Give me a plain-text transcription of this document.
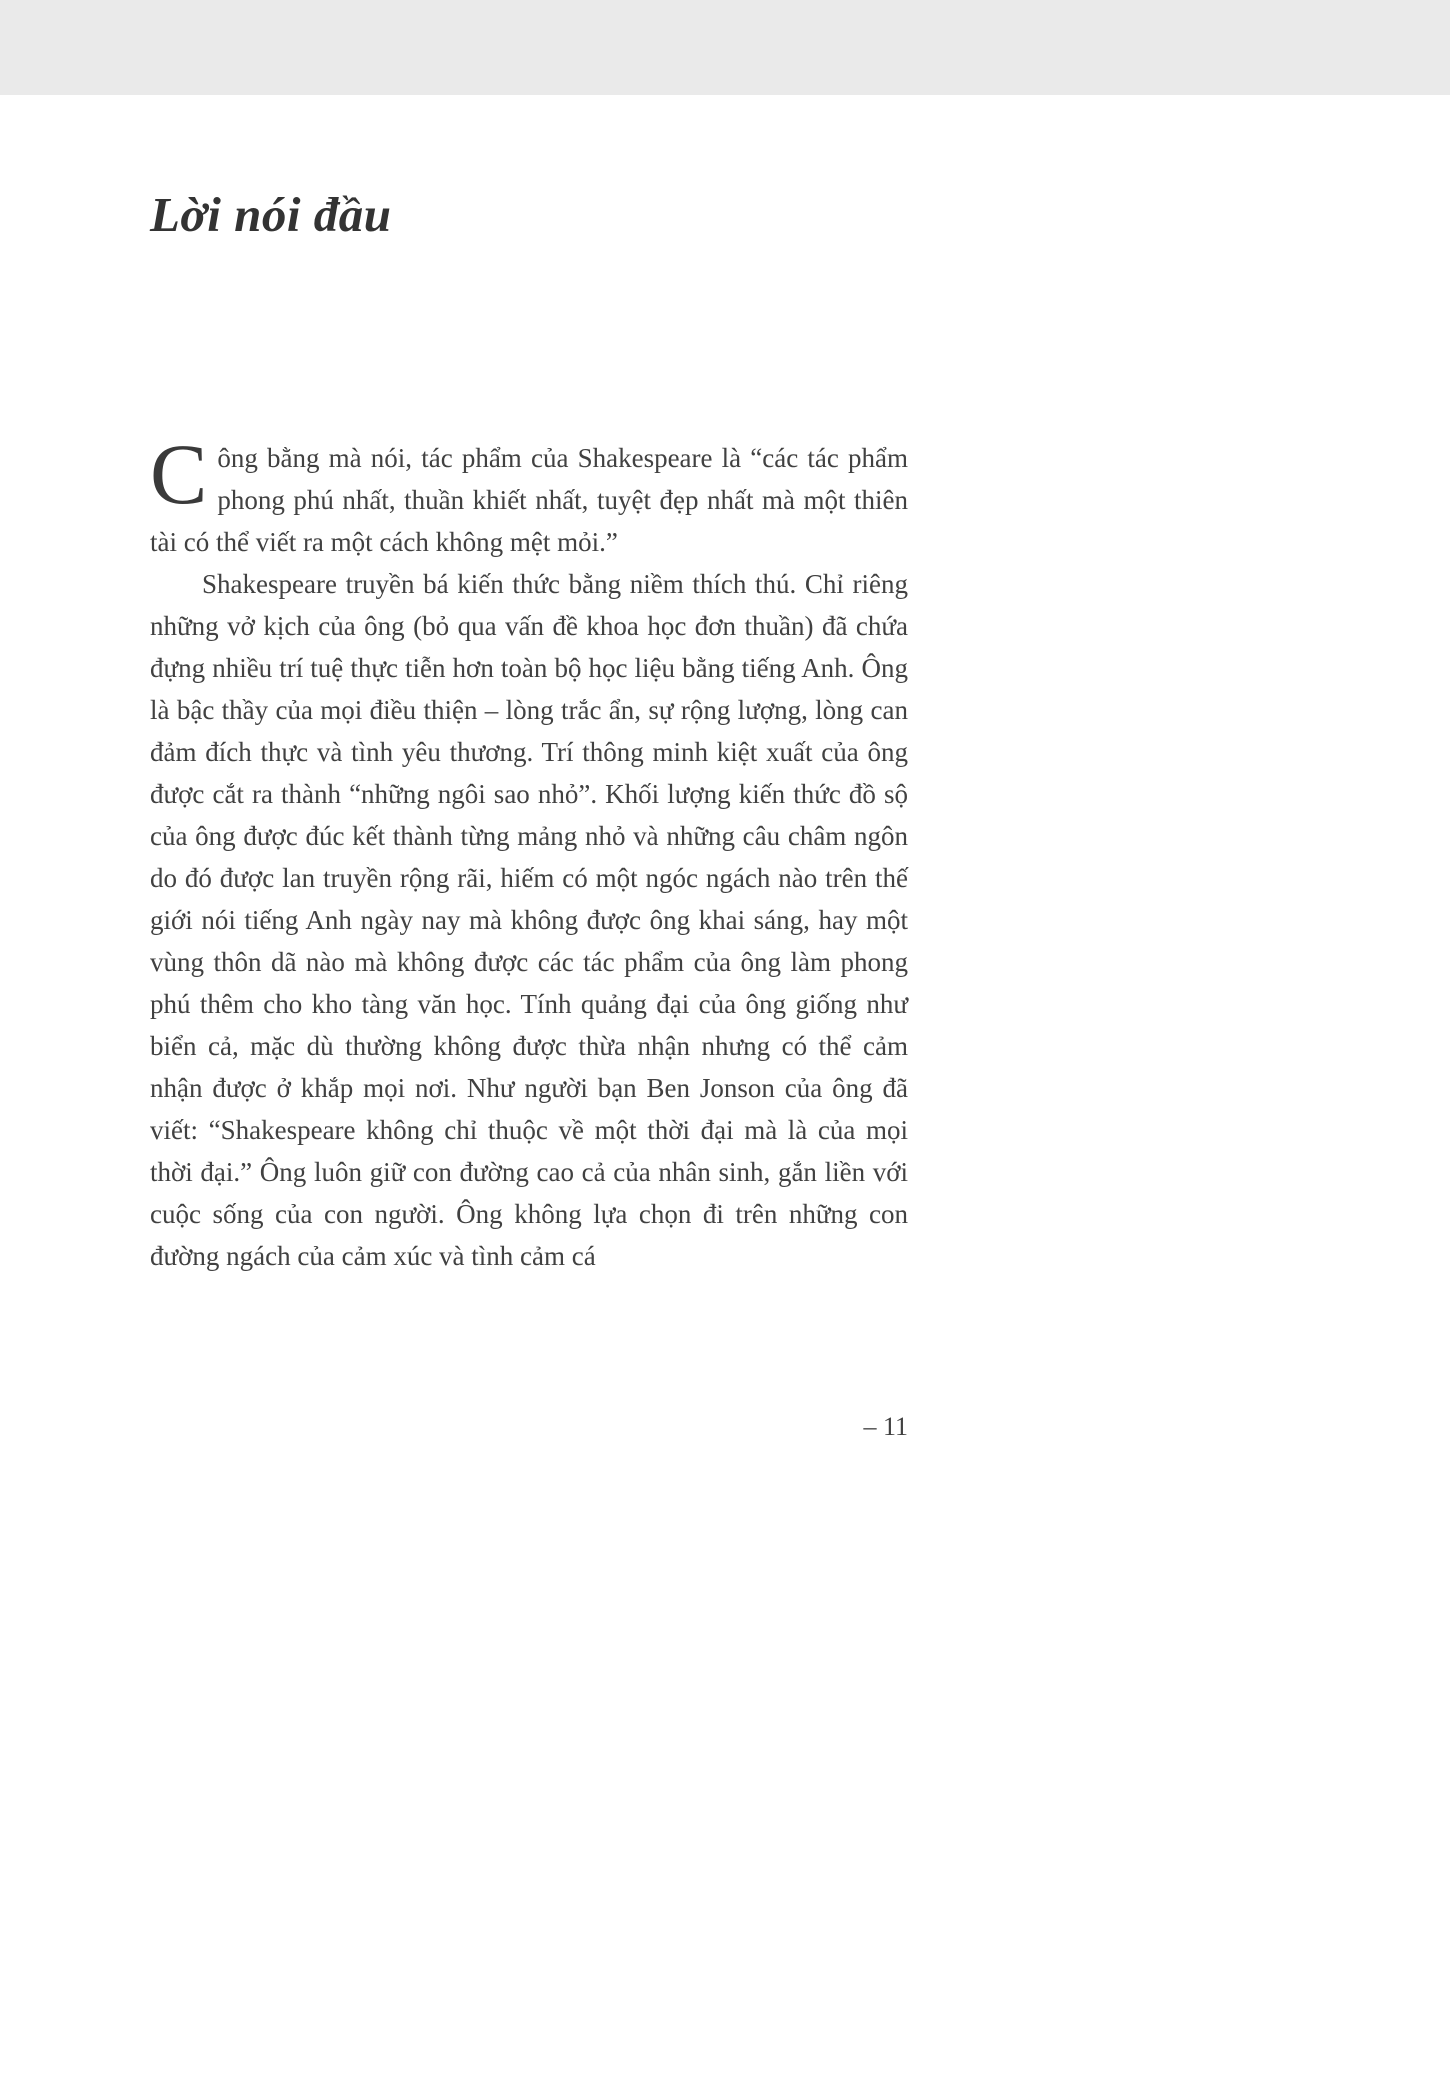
Lời nói đầu

Công bằng mà nói, tác phẩm của Shakespeare là “các tác phẩm phong phú nhất, thuần khiết nhất, tuyệt đẹp nhất mà một thiên tài có thể viết ra một cách không mệt mỏi.”

Shakespeare truyền bá kiến thức bằng niềm thích thú. Chỉ riêng những vở kịch của ông (bỏ qua vấn đề khoa học đơn thuần) đã chứa đựng nhiều trí tuệ thực tiễn hơn toàn bộ học liệu bằng tiếng Anh. Ông là bậc thầy của mọi điều thiện – lòng trắc ẩn, sự rộng lượng, lòng can đảm đích thực và tình yêu thương. Trí thông minh kiệt xuất của ông được cắt ra thành “những ngôi sao nhỏ”. Khối lượng kiến thức đồ sộ của ông được đúc kết thành từng mảng nhỏ và những câu châm ngôn do đó được lan truyền rộng rãi, hiếm có một ngóc ngách nào trên thế giới nói tiếng Anh ngày nay mà không được ông khai sáng, hay một vùng thôn dã nào mà không được các tác phẩm của ông làm phong phú thêm cho kho tàng văn học. Tính quảng đại của ông giống như biển cả, mặc dù thường không được thừa nhận nhưng có thể cảm nhận được ở khắp mọi nơi. Như người bạn Ben Jonson của ông đã viết: “Shakespeare không chỉ thuộc về một thời đại mà là của mọi thời đại.” Ông luôn giữ con đường cao cả của nhân sinh, gắn liền với cuộc sống của con người. Ông không lựa chọn đi trên những con đường ngách của cảm xúc và tình cảm cá

– 11
